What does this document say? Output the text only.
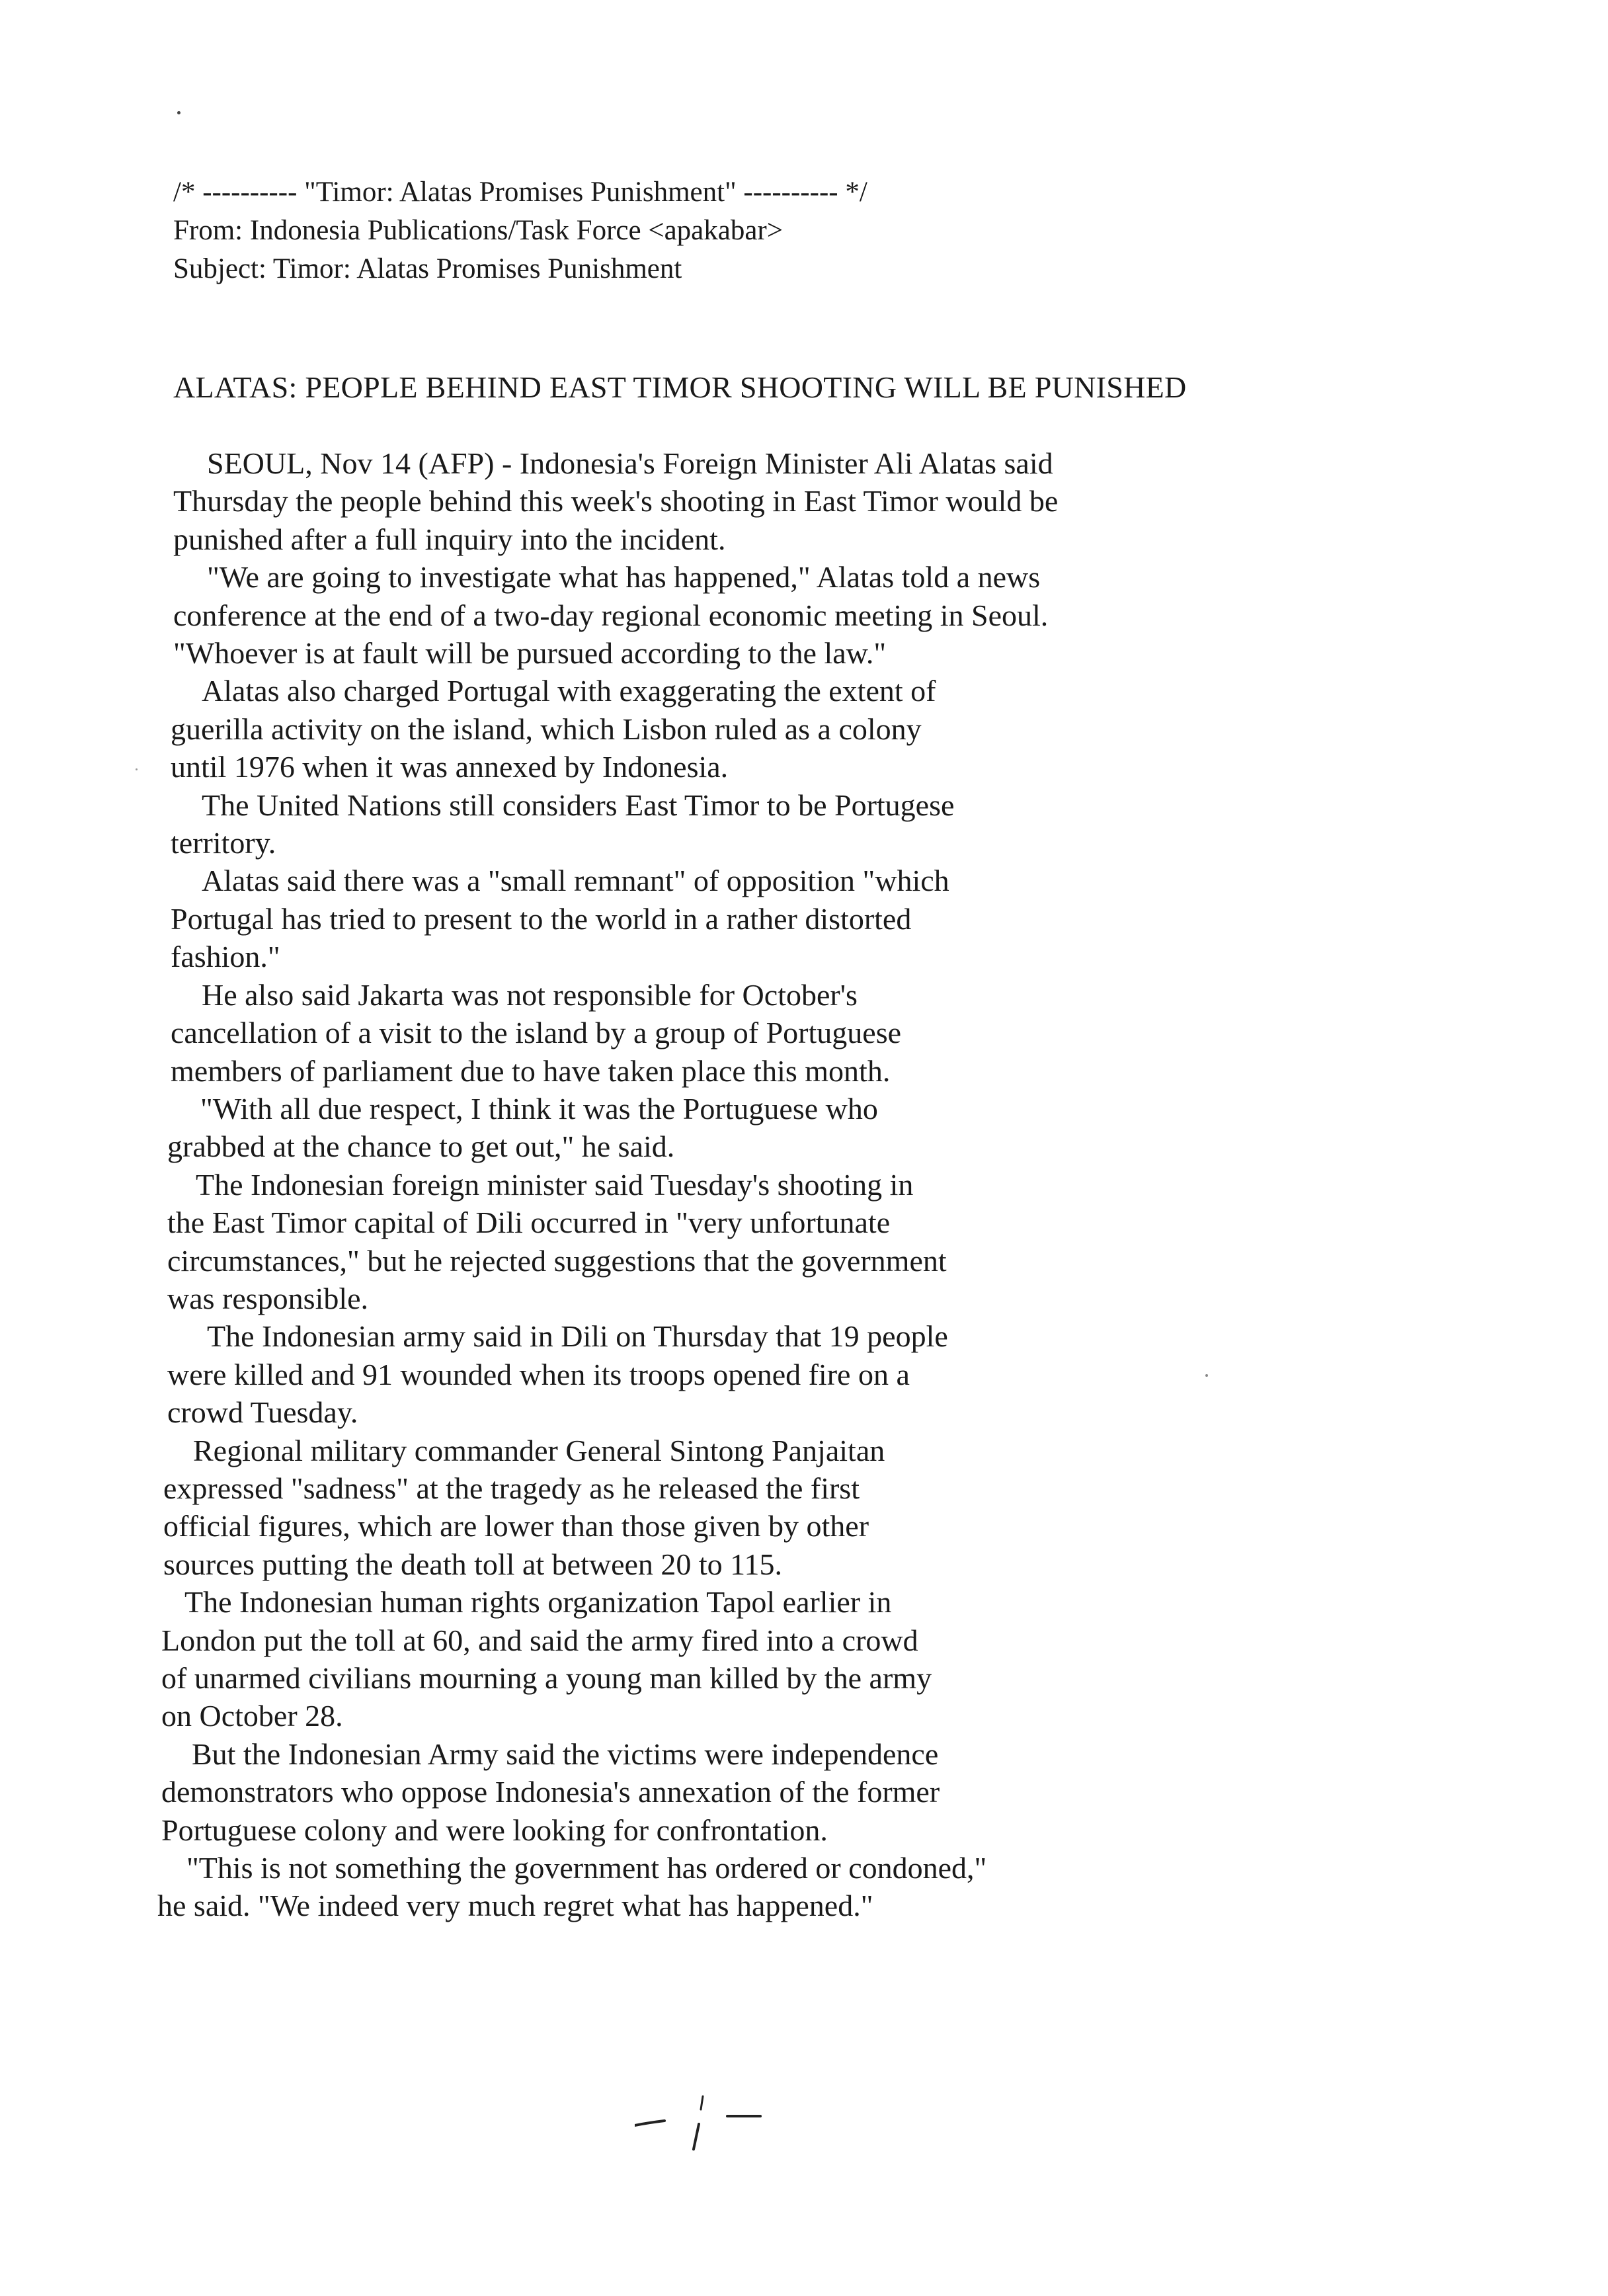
/* ---------- "Timor: Alatas Promises Punishment" ---------- */
From: Indonesia Publications/Task Force <apakabar>
Subject: Timor: Alatas Promises Punishment
ALATAS: PEOPLE BEHIND EAST TIMOR SHOOTING WILL BE PUNISHED
SEOUL, Nov 14 (AFP) - Indonesia's Foreign Minister Ali Alatas said
Thursday the people behind this week's shooting in East Timor would be
punished after a full inquiry into the incident.
"We are going to investigate what has happened," Alatas told a news
conference at the end of a two-day regional economic meeting in Seoul.
"Whoever is at fault will be pursued according to the law."
Alatas also charged Portugal with exaggerating the extent of
guerilla activity on the island, which Lisbon ruled as a colony
until 1976 when it was annexed by Indonesia.
The United Nations still considers East Timor to be Portugese
territory.
Alatas said there was a "small remnant" of opposition "which
Portugal has tried to present to the world in a rather distorted
fashion."
He also said Jakarta was not responsible for October's
cancellation of a visit to the island by a group of Portuguese
members of parliament due to have taken place this month.
"With all due respect, I think it was the Portuguese who
grabbed at the chance to get out," he said.
The Indonesian foreign minister said Tuesday's shooting in
the East Timor capital of Dili occurred in "very unfortunate
circumstances," but he rejected suggestions that the government
was responsible.
The Indonesian army said in Dili on Thursday that 19 people
were killed and 91 wounded when its troops opened fire on a
crowd Tuesday.
Regional military commander General Sintong Panjaitan
expressed "sadness" at the tragedy as he released the first
official figures, which are lower than those given by other
sources putting the death toll at between 20 to 115.
The Indonesian human rights organization Tapol earlier in
London put the toll at 60, and said the army fired into a crowd
of unarmed civilians mourning a young man killed by the army
on October 28.
But the Indonesian Army said the victims were independence
demonstrators who oppose Indonesia's annexation of the former
Portuguese colony and were looking for confrontation.
"This is not something the government has ordered or condoned,"
he said. "We indeed very much regret what has happened."
